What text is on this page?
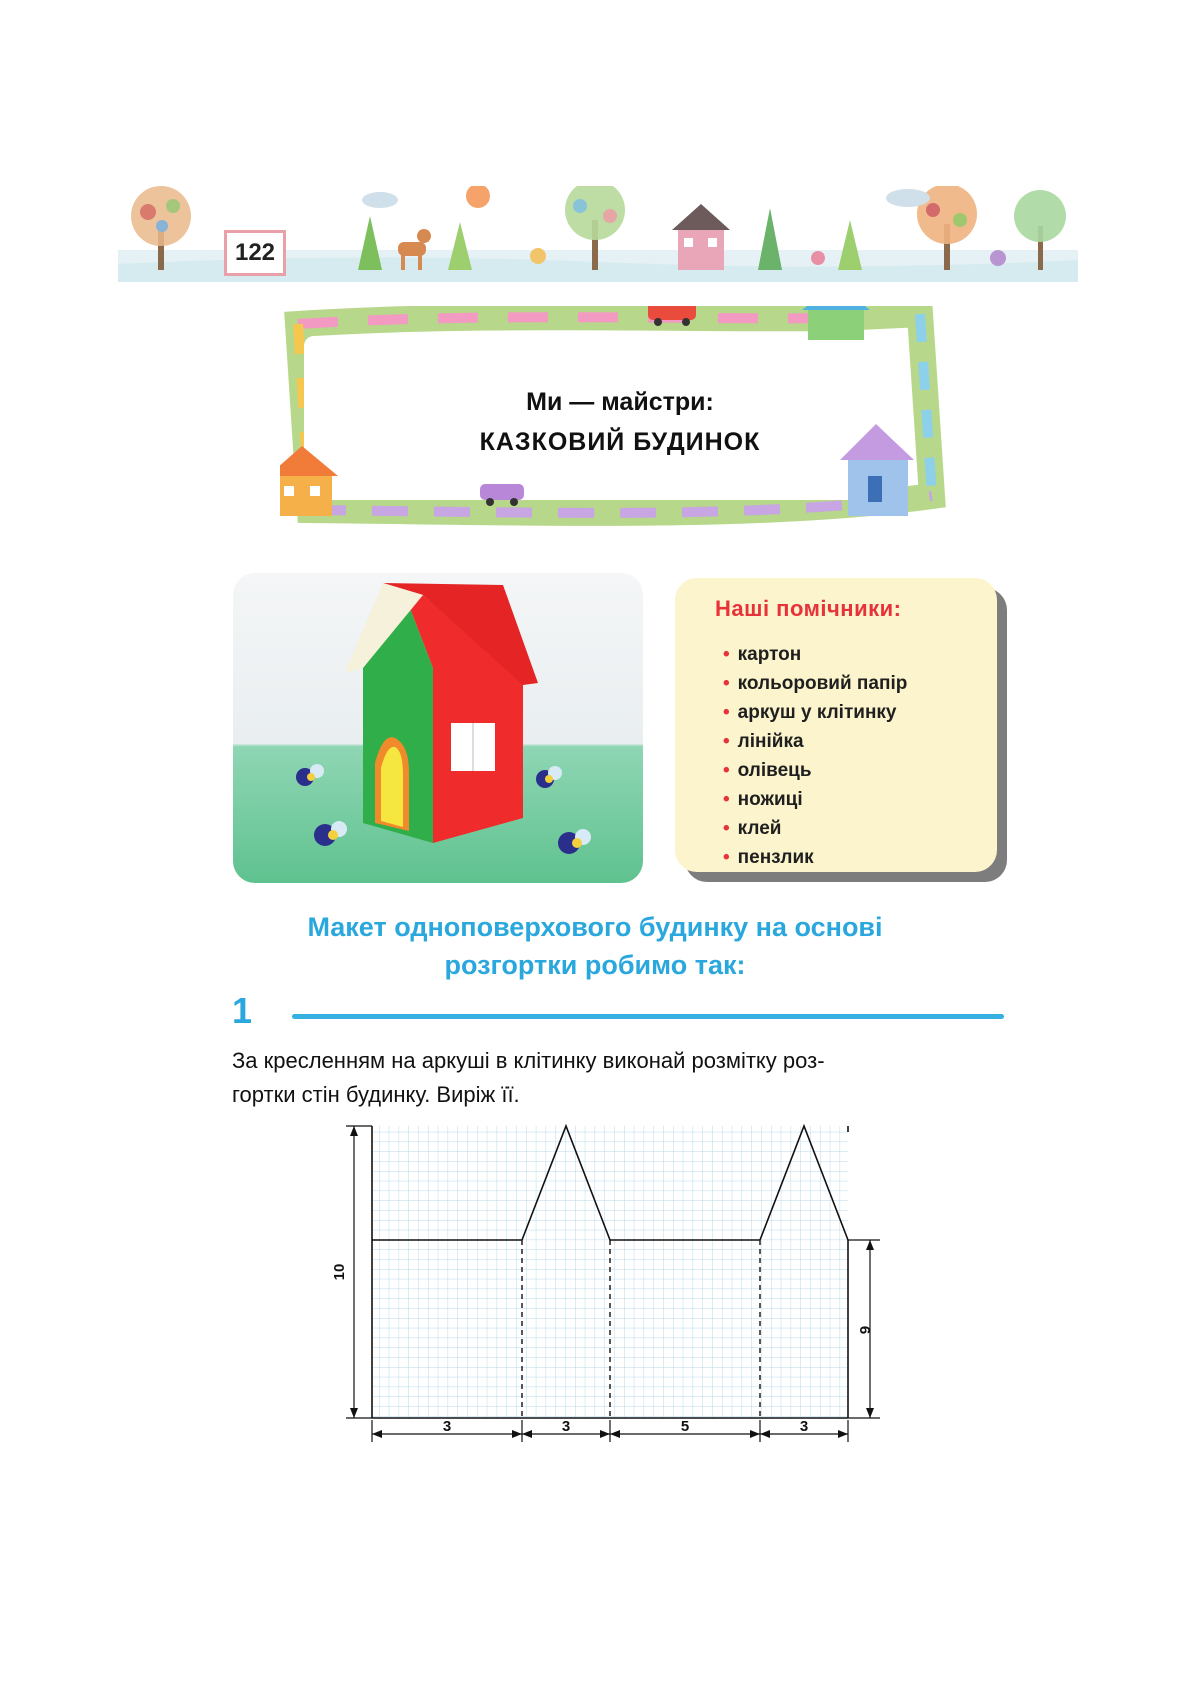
122
Ми — майстри:
КАЗКОВИЙ БУДИНОК
Наші помічники:
• картон
• кольоровий папір
• аркуш у клітинку
• лінійка
• олівець
• ножиці
• клей
• пензлик
Макет одноповерхового будинку на основі
розгортки робимо так:
1
За кресленням на аркуші в клітинку виконай розмітку роз-
гортки стін будинку. Виріж її.
10
6
3	3	5	3
